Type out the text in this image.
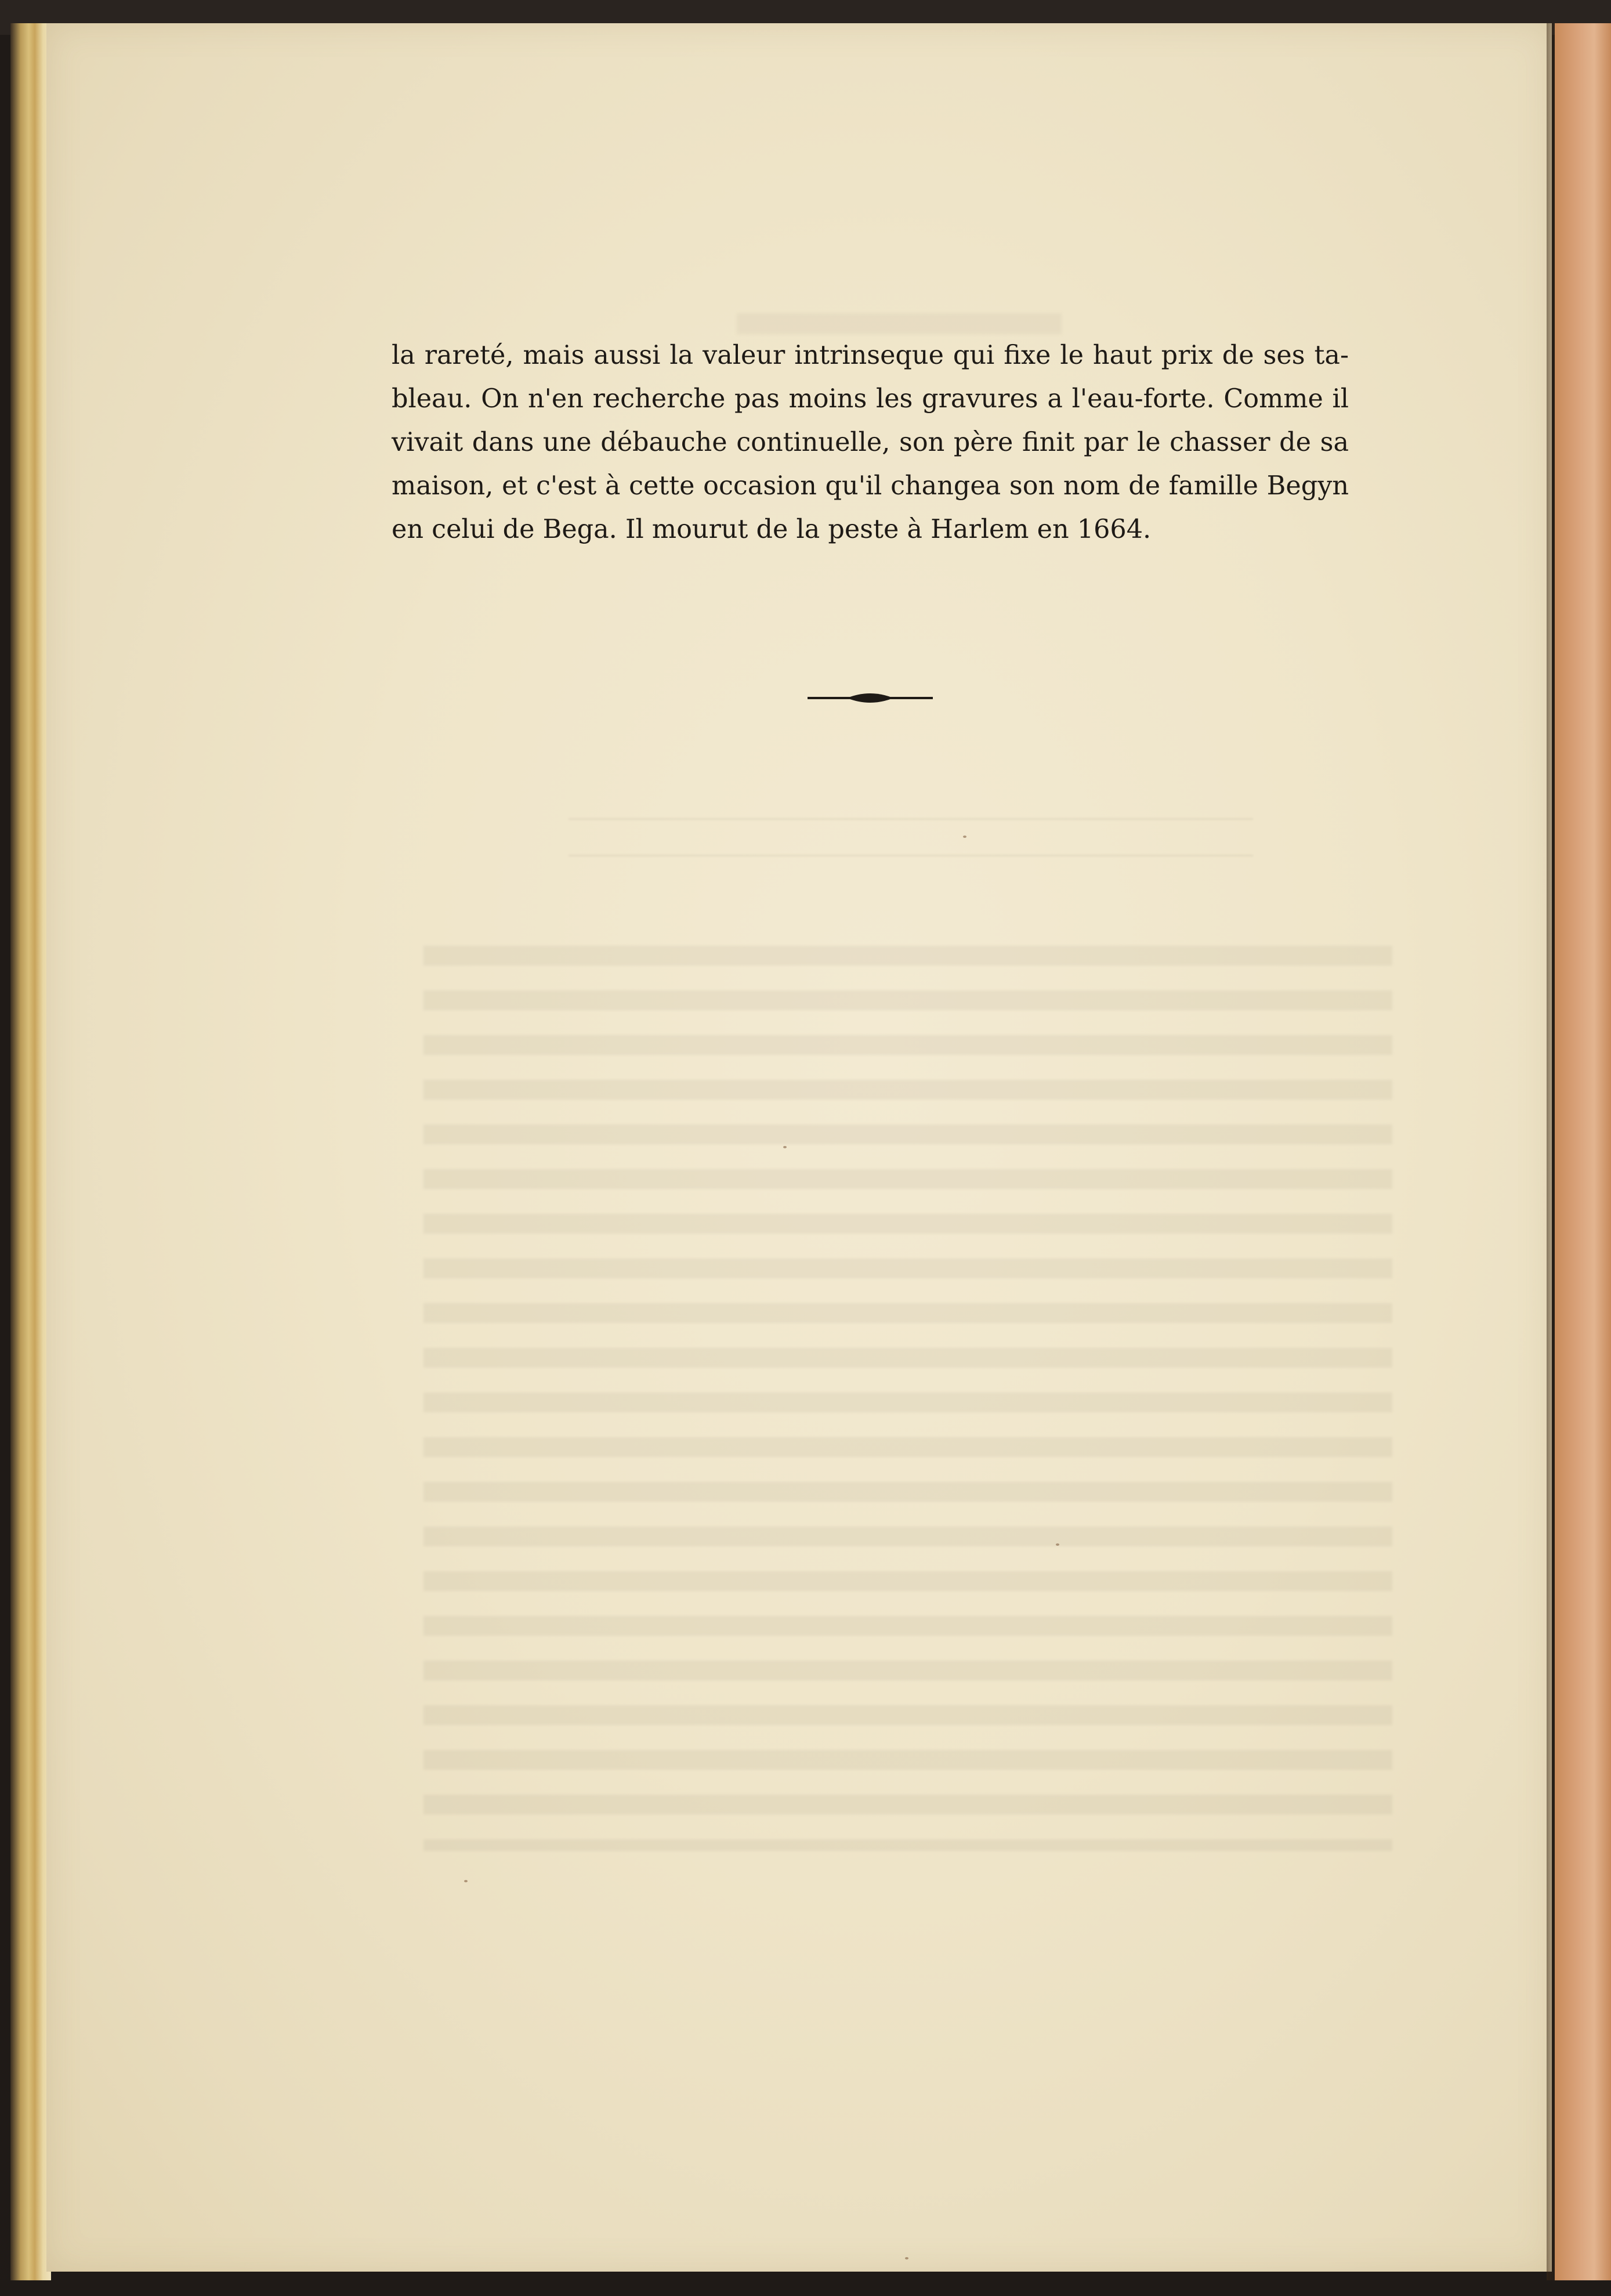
la rareté, mais aussi la valeur intrinseque qui fixe le haut prix de ses ta-
bleau. On n'en recherche pas moins les gravures a l'eau-forte. Comme il
vivait dans une débauche continuelle, son père finit par le chasser de sa
maison, et c'est à cette occasion qu'il changea son nom de famille Begyn
en celui de Bega. Il mourut de la peste à Harlem en 1664.
